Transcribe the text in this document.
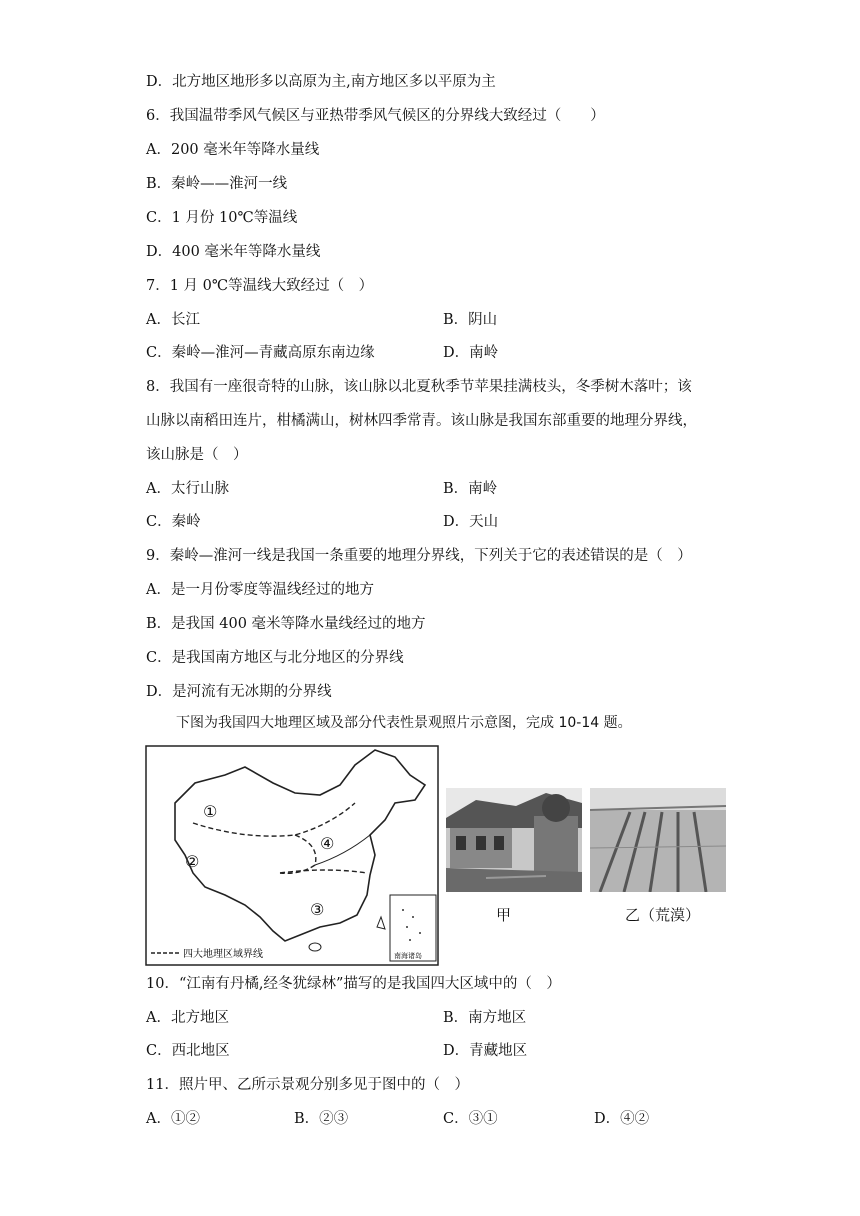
D．北方地区地形多以高原为主,南方地区多以平原为主
6．我国温带季风气候区与亚热带季风气候区的分界线大致经过（　　）
A．200 毫米年等降水量线
B．秦岭——淮河一线
C．1 月份 10℃等温线
D．400 毫米年等降水量线
7．1 月 0℃等温线大致经过（　）
A．长江	B．阴山
C．秦岭—淮河—青藏高原东南边缘	D．南岭
8．我国有一座很奇特的山脉，该山脉以北夏秋季节苹果挂满枝头，冬季树木落叶；该
山脉以南稻田连片，柑橘满山，树林四季常青。该山脉是我国东部重要的地理分界线，
该山脉是（　）
A．太行山脉	B．南岭
C．秦岭	D．天山
9．秦岭—淮河一线是我国一条重要的地理分界线，下列关于它的表述错误的是（　）
A．是一月份零度等温线经过的地方
B．是我国 400 毫米等降水量线经过的地方
C．是我国南方地区与北分地区的分界线
D．是河流有无冰期的分界线
下图为我国四大地理区域及部分代表性景观照片示意图，完成 10-14 题。
①
②
③
④
南海诸岛
四大地理区域界线
甲	乙（荒漠）
10．“江南有丹橘,经冬犹绿林”描写的是我国四大区域中的（　）
A．北方地区	B．南方地区
C．西北地区	D．青藏地区
11．照片甲、乙所示景观分别多见于图中的（　）
A．①②	B．②③	C．③①	D．④②
